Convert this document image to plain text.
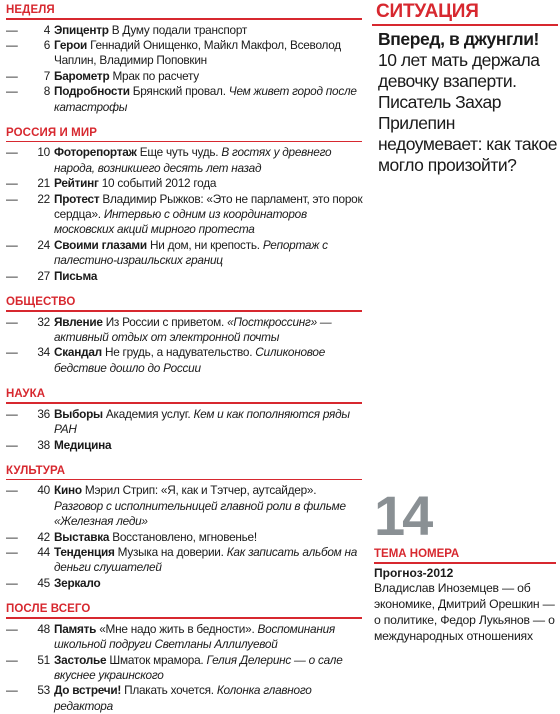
НЕДЕЛЯ
— 4 Эпицентр В Думу подали транспорт
— 6 Герои Геннадий Онищенко, Майкл Макфол, Всеволод Чаплин, Владимир Поповкин
— 7 Барометр Мрак по расчету
— 8 Подробности Брянский провал. Чем живет город после катастрофы
РОССИЯ И МИР
— 10 Фоторепортаж Еще чуть чудь. В гостях у древнего народа, возникшего десять лет назад
— 21 Рейтинг 10 событий 2012 года
— 22 Протест Владимир Рыжков: «Это не парламент, это порок сердца». Интервью с одним из координаторов московских акций мирного протеста
— 24 Своими глазами Ни дом, ни крепость. Репортаж с палестино-израильских границ
— 27 Письма
ОБЩЕСТВО
— 32 Явление Из России с приветом. «Посткроссинг» — активный отдых от электронной почты
— 34 Скандал Не грудь, а надувательство. Силиконовое бедствие дошло до России
НАУКА
— 36 Выборы Академия услуг. Кем и как пополняются ряды РАН
— 38 Медицина
КУЛЬТУРА
— 40 Кино Мэрил Стрип: «Я, как и Тэтчер, аутсайдер». Разговор с исполнительницей главной роли в фильме «Железная леди»
— 42 Выставка Восстановлено, мгновенье!
— 44 Тенденция Музыка на доверии. Как записать альбом на деньги слушателей
— 45 Зеркало
ПОСЛЕ ВСЕГО
— 48 Память «Мне надо жить в бедности». Воспоминания школьной подруги Светланы Аллилуевой
— 51 Застолье Шматок мрамора. Гелия Делеринс — о сале вкуснее украинского
— 53 До встречи! Плакать хочется. Колонка главного редактора
СИТУАЦИЯ
Вперед, в джунгли!
10 лет мать держала девочку взаперти. Писатель Захар Прилепин недоумевает: как такое могло произойти?
14
ТЕМА НОМЕРА
Прогноз-2012
Владислав Иноземцев — об экономике, Дмитрий Орешкин — о политике, Федор Лукьянов — о международных отношениях
